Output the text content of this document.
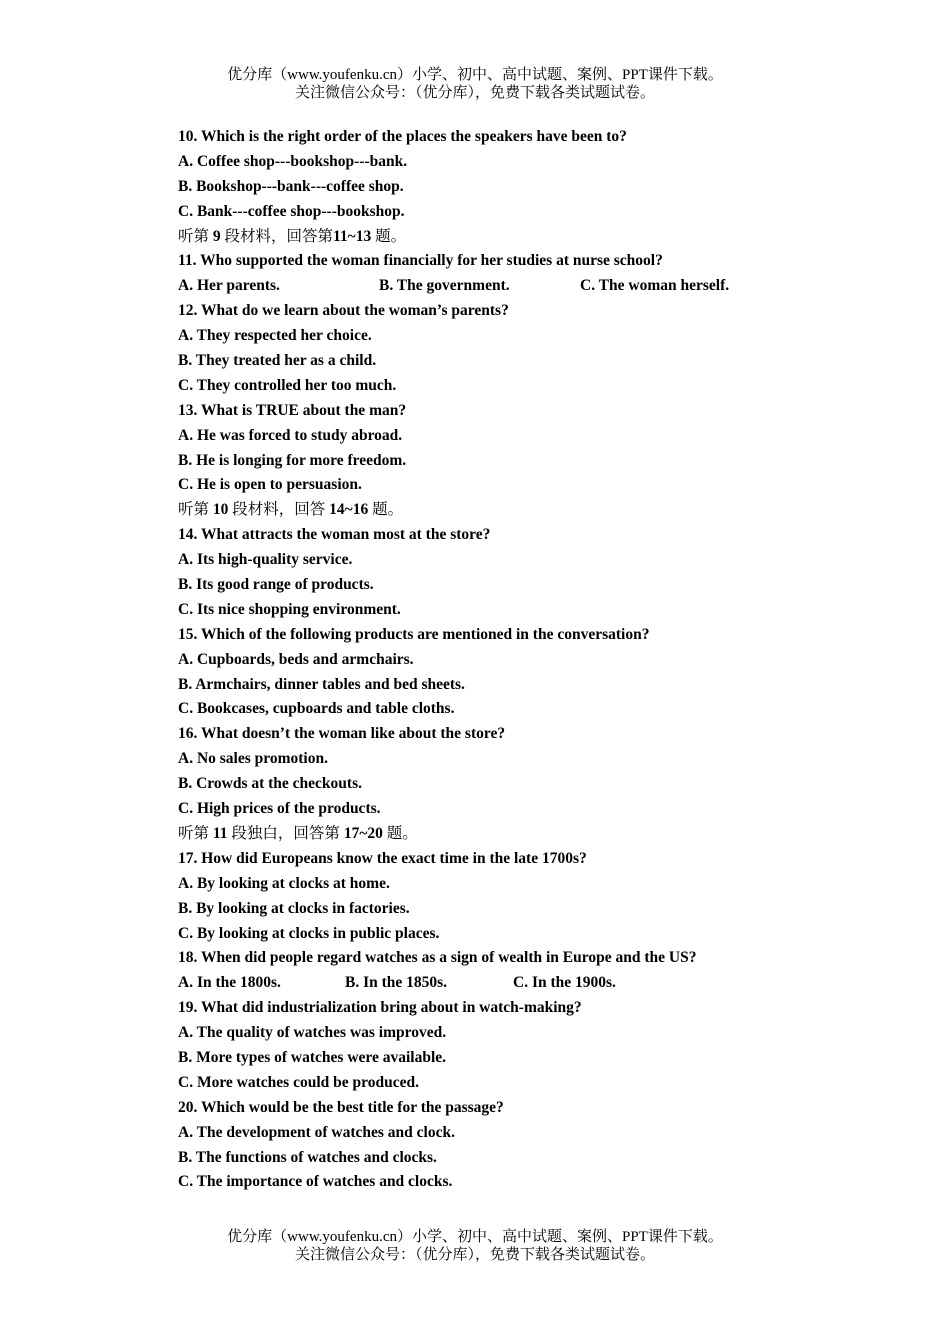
优分库（www.youfenku.cn）小学、初中、高中试题、案例、PPT课件下载。
关注微信公众号：（优分库），免费下载各类试题试卷。
10. Which is the right order of the places the speakers have been to?
A. Coffee shop---bookshop---bank.
B. Bookshop---bank---coffee shop.
C. Bank---coffee shop---bookshop.
听第 9 段材料，回答第11~13 题。
11. Who supported the woman financially for her studies at nurse school?
A. Her parents.	B. The government.	C. The woman herself.
12. What do we learn about the woman’s parents?
A. They respected her choice.
B. They treated her as a child.
C. They controlled her too much.
13. What is TRUE about the man?
A. He was forced to study abroad.
B. He is longing for more freedom.
C. He is open to persuasion.
听第 10 段材料，回答 14~16 题。
14. What attracts the woman most at the store?
A. Its high-quality service.
B. Its good range of products.
C. Its nice shopping environment.
15. Which of the following products are mentioned in the conversation?
A. Cupboards, beds and armchairs.
B. Armchairs, dinner tables and bed sheets.
C. Bookcases, cupboards and table cloths.
16. What doesn’t the woman like about the store?
A. No sales promotion.
B. Crowds at the checkouts.
C. High prices of the products.
听第 11 段独白，回答第 17~20 题。
17. How did Europeans know the exact time in the late 1700s?
A. By looking at clocks at home.
B. By looking at clocks in factories.
C. By looking at clocks in public places.
18. When did people regard watches as a sign of wealth in Europe and the US?
A. In the 1800s.	B. In the 1850s.	C. In the 1900s.
19. What did industrialization bring about in watch-making?
A. The quality of watches was improved.
B. More types of watches were available.
C. More watches could be produced.
20. Which would be the best title for the passage?
A. The development of watches and clock.
B. The functions of watches and clocks.
C. The importance of watches and clocks.
优分库（www.youfenku.cn）小学、初中、高中试题、案例、PPT课件下载。
关注微信公众号：（优分库），免费下载各类试题试卷。
